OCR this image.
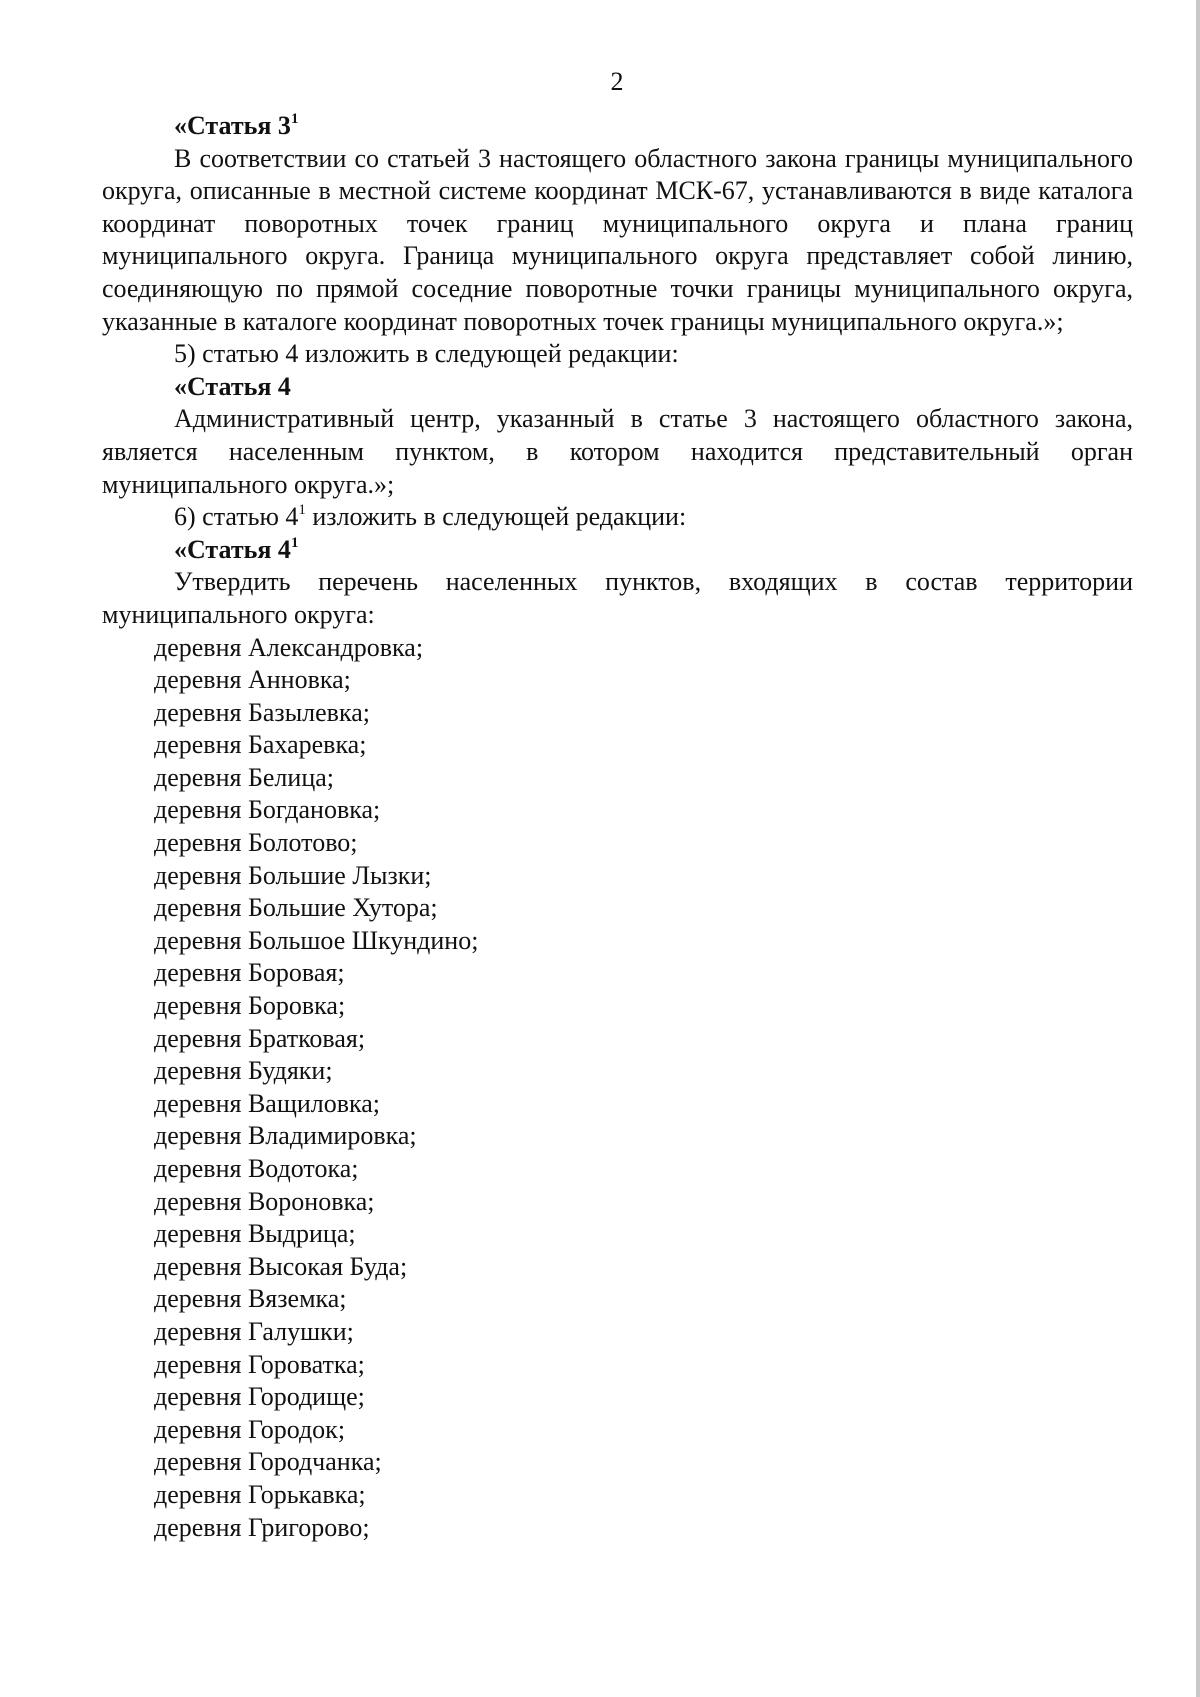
2

«Статья $3^1$

В соответствии со статьей 3 настоящего областного закона границы муниципального округа, описанные в местной системе координат МСК-67, устанавливаются в виде каталога координат поворотных точек границ муниципального округа и плана границ муниципального округа. Граница муниципального округа представляет собой линию, соединяющую по прямой соседние поворотные точки границы муниципального округа, указанные в каталоге координат поворотных точек границы муниципального округа.»;

5) статью 4 изложить в следующей редакции:

«Статья 4

Административный центр, указанный в статье 3 настоящего областного закона, является населенным пунктом, в котором находится представительный орган муниципального округа.»;

6) статью $4^1$ изложить в следующей редакции:

«Статья $4^1$

Утвердить перечень населенных пунктов, входящих в состав территории муниципального округа:

деревня Александровка;
деревня Анновка;
деревня Базылевка;
деревня Бахаревка;
деревня Белица;
деревня Богдановка;
деревня Болотово;
деревня Большие Лызки;
деревня Большие Хутора;
деревня Большое Шкундино;
деревня Боровая;
деревня Боровка;
деревня Братковая;
деревня Будяки;
деревня Ващиловка;
деревня Владимировка;
деревня Водотока;
деревня Вороновка;
деревня Выдрица;
деревня Высокая Буда;
деревня Вяземка;
деревня Галушки;
деревня Гороватка;
деревня Городище;
деревня Городок;
деревня Городчанка;
деревня Горькавка;
деревня Григорово;
